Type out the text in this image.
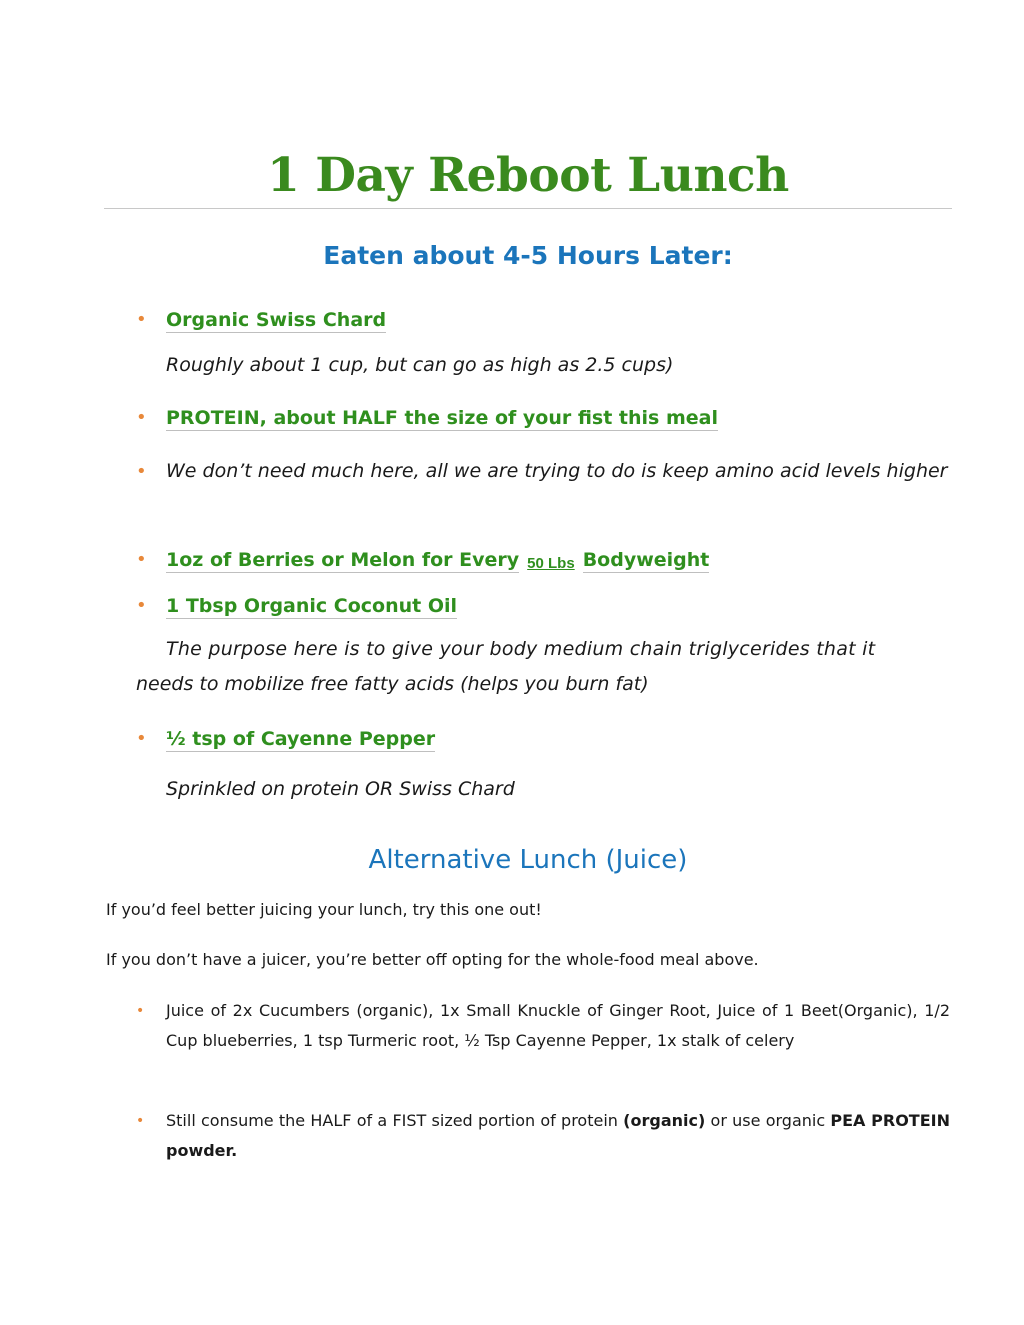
1 Day Reboot Lunch
Eaten about 4-5 Hours Later:
• Organic Swiss Chard
Roughly about 1 cup, but can go as high as 2.5 cups)
• PROTEIN, about HALF the size of your fist this meal
• We don’t need much here, all we are trying to do is keep amino acid levels higher
• 1oz of Berries or Melon for Every 50 Lbs Bodyweight
• 1 Tbsp Organic Coconut Oil
The purpose here is to give your body medium chain triglycerides that it
needs to mobilize free fatty acids (helps you burn fat)
• ½ tsp of Cayenne Pepper
Sprinkled on protein OR Swiss Chard
Alternative Lunch (Juice)
If you’d feel better juicing your lunch, try this one out!
If you don’t have a juicer, you’re better off opting for the whole-food meal above.
• Juice of 2x Cucumbers (organic), 1x Small Knuckle of Ginger Root, Juice of 1 Beet(Organic), 1/2 Cup blueberries, 1 tsp Turmeric root, ½ Tsp Cayenne Pepper, 1x stalk of celery
• Still consume the HALF of a FIST sized portion of protein (organic) or use organic PEA PROTEIN powder.
